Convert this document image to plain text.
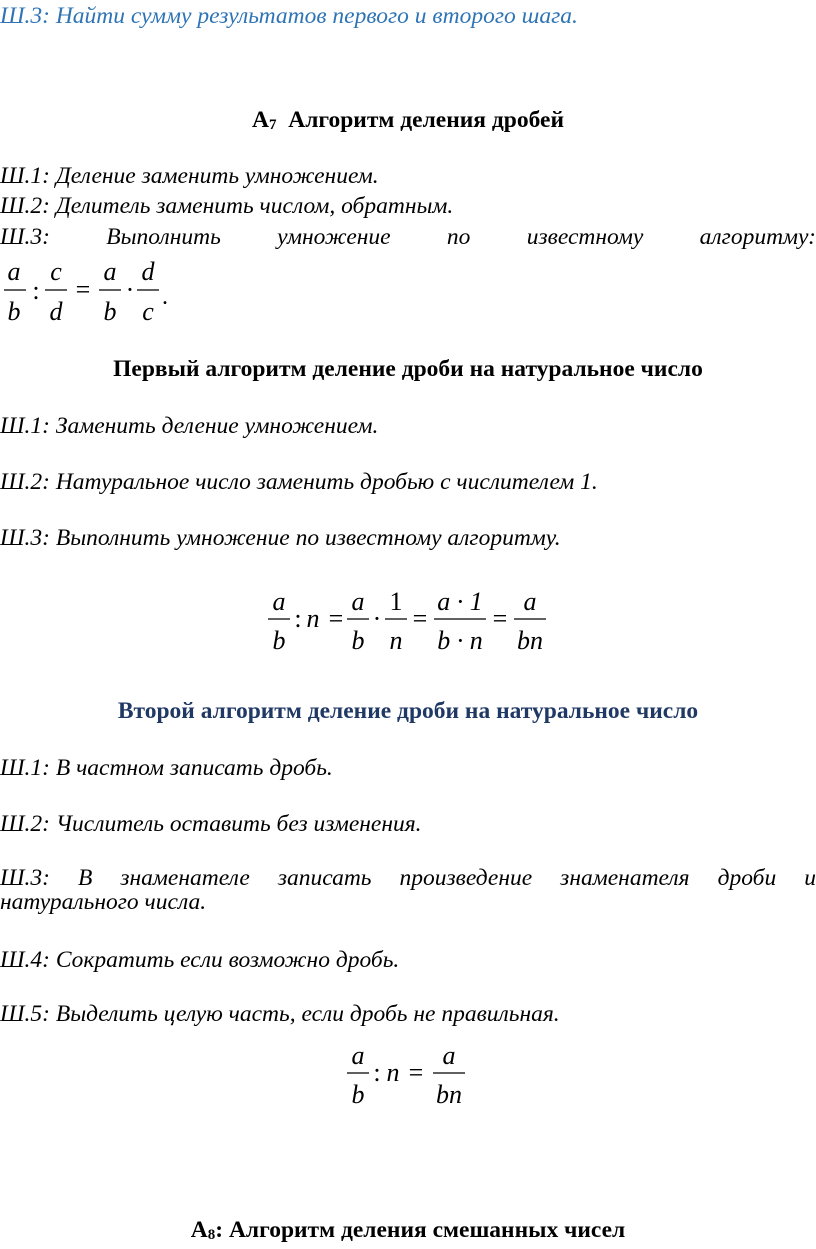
Ш.3: Найти сумму результатов первого и второго шага.
А7 Алгоритм деления дробей
Ш.1: Деление заменить умножением.
Ш.2: Делитель заменить числом, обратным.
Ш.3: Выполнить умножение по известному алгоритму:
a
b
:
c
d
=
a
b
·
d
c .
Первый алгоритм деление дроби на натуральное число
Ш.1: Заменить деление умножением.
Ш.2: Натуральное число заменить дробью с числителем 1.
Ш.3: Выполнить умножение по известному алгоритму.
a
b
: n =
a
b
·
1
n
=
a · 1
b · n
=
a
bn
Второй алгоритм деление дроби на натуральное число
Ш.1: В частном записать дробь.
Ш.2: Числитель оставить без изменения.
Ш.3: В знаменателе записать произведение знаменателя дроби и
натурального числа.
Ш.4: Сократить если возможно дробь.
Ш.5: Выделить целую часть, если дробь не правильная.
a
b
: n =
a
bn
А8: Алгоритм деления смешанных чисел
